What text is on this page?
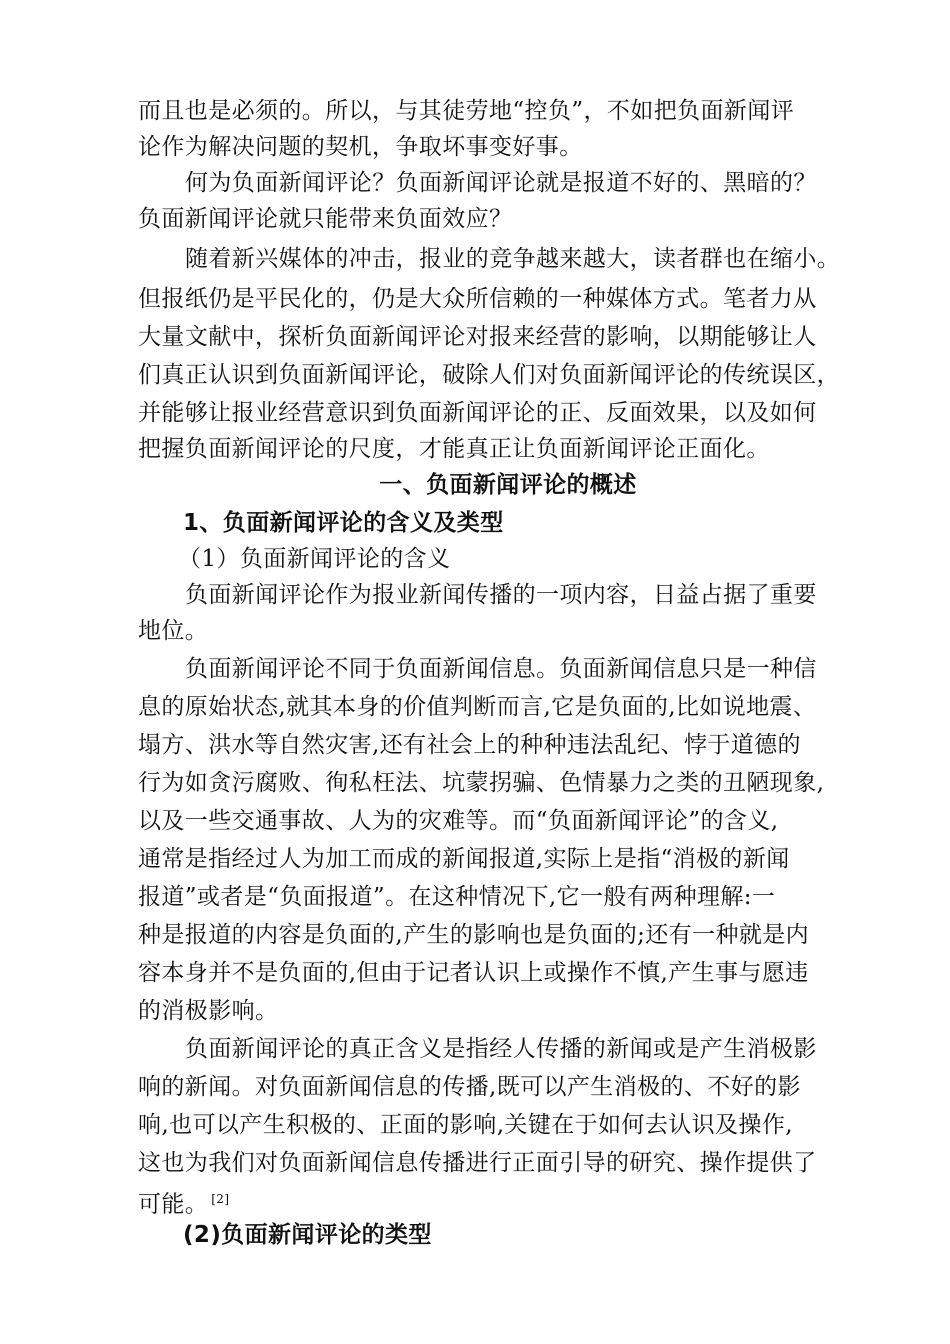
而且也是必须的。所以，与其徒劳地“控负”，不如把负面新闻评
论作为解决问题的契机，争取坏事变好事。
何为负面新闻评论？负面新闻评论就是报道不好的、黑暗的？
负面新闻评论就只能带来负面效应？
随着新兴媒体的冲击，报业的竞争越来越大，读者群也在缩小。
但报纸仍是平民化的，仍是大众所信赖的一种媒体方式。笔者力从
大量文献中，探析负面新闻评论对报来经营的影响，以期能够让人
们真正认识到负面新闻评论，破除人们对负面新闻评论的传统误区，
并能够让报业经营意识到负面新闻评论的正、反面效果，以及如何
把握负面新闻评论的尺度，才能真正让负面新闻评论正面化。
一、负面新闻评论的概述
1、负面新闻评论的含义及类型
（1）负面新闻评论的含义
负面新闻评论作为报业新闻传播的一项内容，日益占据了重要
地位。
负面新闻评论不同于负面新闻信息。负面新闻信息只是一种信
息的原始状态,就其本身的价值判断而言,它是负面的,比如说地震、
塌方、洪水等自然灾害,还有社会上的种种违法乱纪、悖于道德的
行为如贪污腐败、徇私枉法、坑蒙拐骗、色情暴力之类的丑陋现象,
以及一些交通事故、人为的灾难等。而“负面新闻评论”的含义,
通常是指经过人为加工而成的新闻报道,实际上是指“消极的新闻
报道”或者是“负面报道”。在这种情况下,它一般有两种理解:一
种是报道的内容是负面的,产生的影响也是负面的;还有一种就是内
容本身并不是负面的,但由于记者认识上或操作不慎,产生事与愿违
的消极影响。
负面新闻评论的真正含义是指经人传播的新闻或是产生消极影
响的新闻。对负面新闻信息的传播,既可以产生消极的、不好的影
响,也可以产生积极的、正面的影响,关键在于如何去认识及操作,
这也为我们对负面新闻信息传播进行正面引导的研究、操作提供了
可能。 [2]
(2)负面新闻评论的类型
